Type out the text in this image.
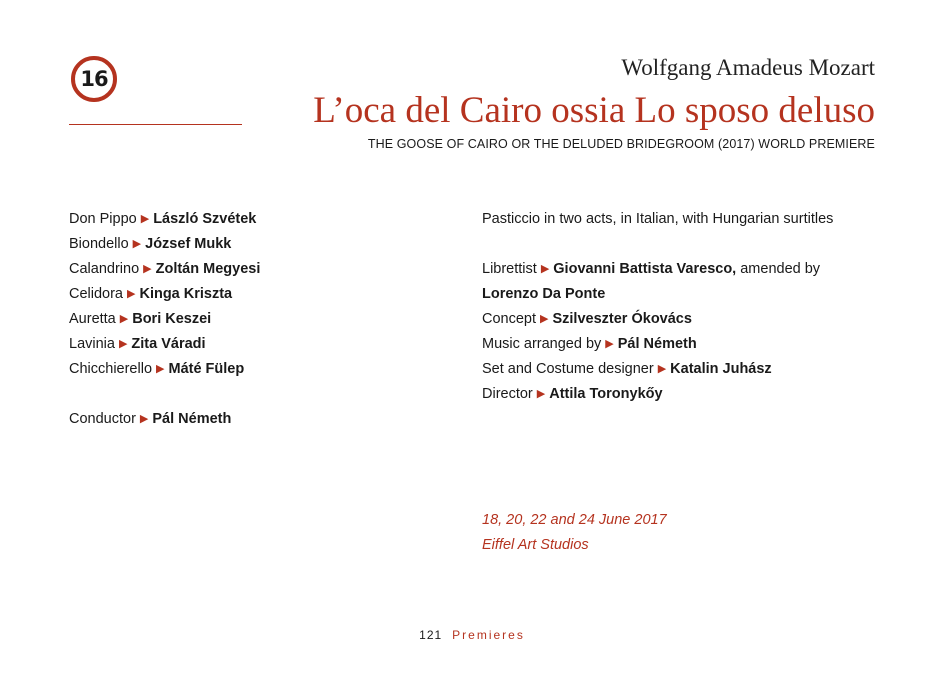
16	Wolfgang Amadeus Mozart
L’oca del Cairo ossia Lo sposo deluso
THE GOOSE OF CAIRO OR THE DELUDED BRIDEGROOM (2017) WORLD PREMIERE
Don Pippo ▶ László Szvétek
Biondello ▶ József Mukk
Calandrino ▶ Zoltán Megyesi
Celidora ▶ Kinga Kriszta
Auretta ▶ Bori Keszei
Lavinia ▶ Zita Váradi
Chicchierello ▶ Máté Fülep
Conductor ▶ Pál Németh
Pasticcio in two acts, in Italian, with Hungarian surtitles
Librettist ▶ Giovanni Battista Varesco, amended by
Lorenzo Da Ponte
Concept ▶ Szilveszter Ókovács
Music arranged by ▶ Pál Németh
Set and Costume designer ▶ Katalin Juhász
Director ▶ Attila Toronykőy
18, 20, 22 and 24 June 2017
Eiffel Art Studios
121 Premieres
